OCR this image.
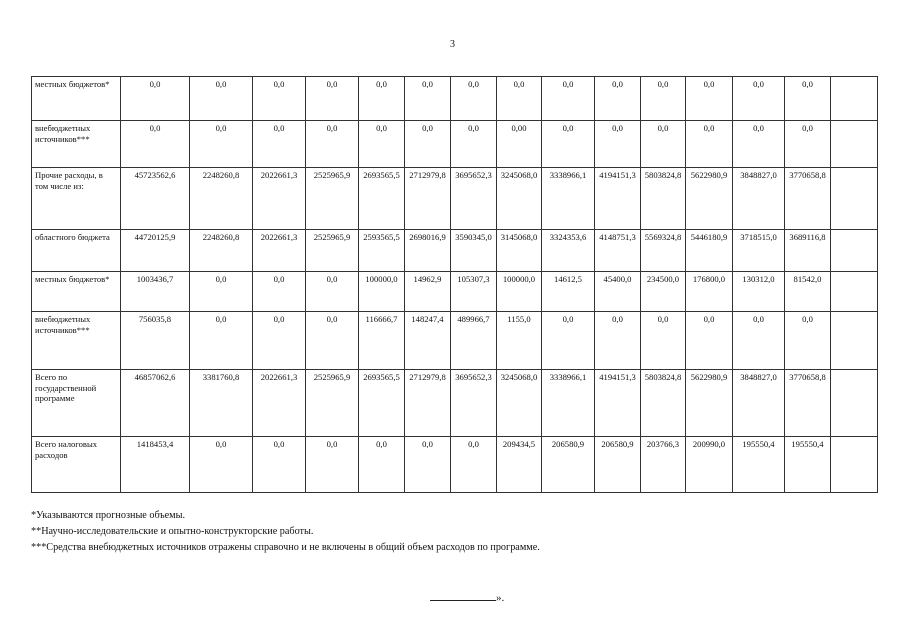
3
местных бюджетов*	0,0	0,0	0,0	0,0	0,0	0,0	0,0	0,0	0,0	0,0	0,0	0,0	0,0	0,0	
внебюджетных источников***	0,0	0,0	0,0	0,0	0,0	0,0	0,0	0,00	0,0	0,0	0,0	0,0	0,0	0,0	
Прочие расходы, в том числе из:	45723562,6	2248260,8	2022661,3	2525965,9	2693565,5	2712979,8	3695652,3	3245068,0	3338966,1	4194151,3	5803824,8	5622980,9	3848827,0	3770658,8	
областного бюджета	44720125,9	2248260,8	2022661,3	2525965,9	2593565,5	2698016,9	3590345,0	3145068,0	3324353,6	4148751,3	5569324,8	5446180,9	3718515,0	3689116,8	
местных бюджетов*	1003436,7	0,0	0,0	0,0	100000,0	14962,9	105307,3	100000,0	14612,5	45400,0	234500,0	176800,0	130312,0	81542,0	
внебюджетных источников***	756035,8	0,0	0,0	0,0	116666,7	148247,4	489966,7	1155,0	0,0	0,0	0,0	0,0	0,0	0,0	
Всего по государственной программе	46857062,6	3381760,8	2022661,3	2525965,9	2693565,5	2712979,8	3695652,3	3245068,0	3338966,1	4194151,3	5803824,8	5622980,9	3848827,0	3770658,8	
Всего налоговых расходов	1418453,4	0,0	0,0	0,0	0,0	0,0	0,0	209434,5	206580,9	206580,9	203766,3	200990,0	195550,4	195550,4	
*Указываются прогнозные объемы.
**Научно-исследовательские и опытно-конструкторские работы.
***Средства внебюджетных источников отражены справочно и не включены в общий объем расходов по программе.
».
